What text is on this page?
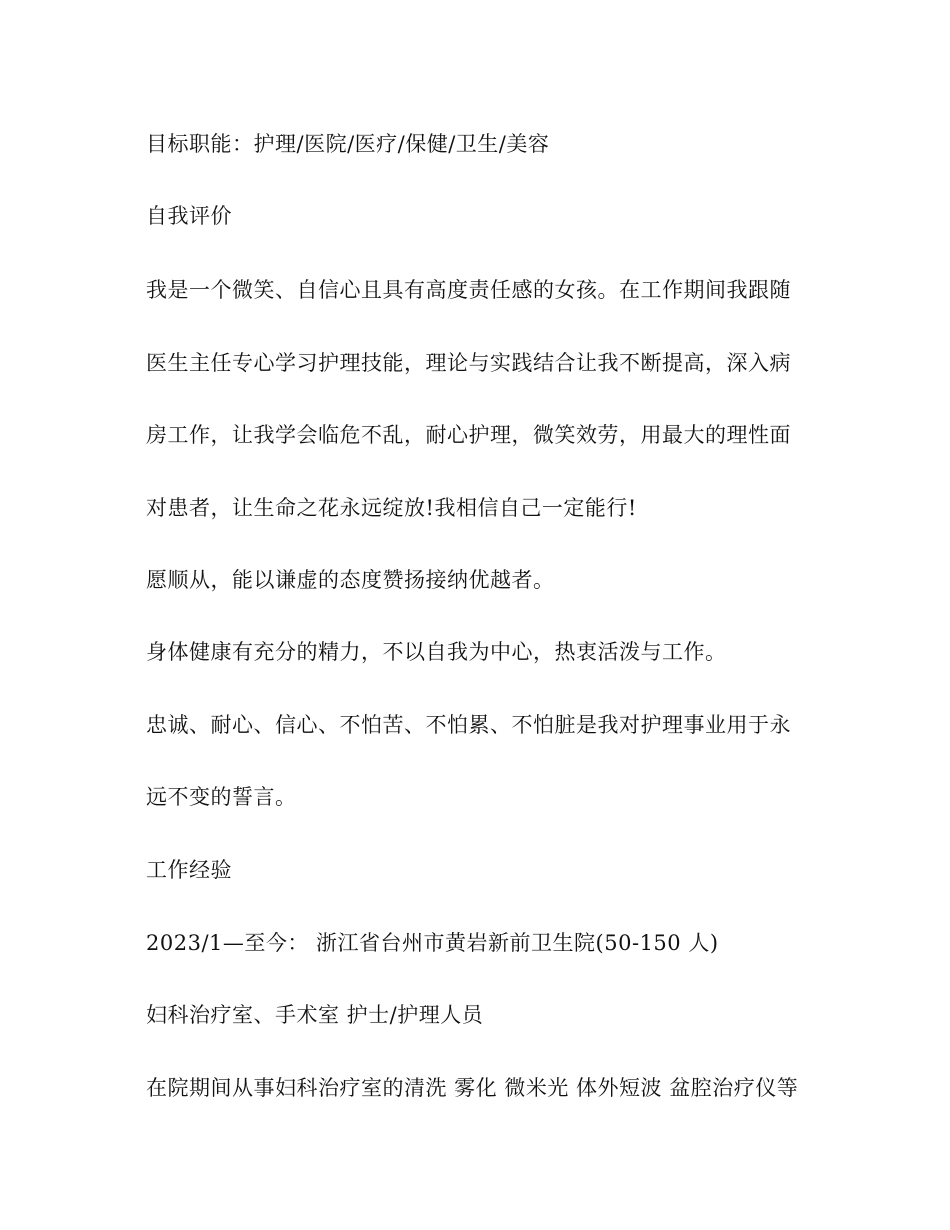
目标职能：护理/医院/医疗/保健/卫生/美容
自我评价
我是一个微笑、自信心且具有高度责任感的女孩。在工作期间我跟随
医生主任专心学习护理技能，理论与实践结合让我不断提高，深入病
房工作，让我学会临危不乱，耐心护理，微笑效劳，用最大的理性面
对患者，让生命之花永远绽放!我相信自己一定能行!
愿顺从，能以谦虚的态度赞扬接纳优越者。
身体健康有充分的精力，不以自我为中心，热衷活泼与工作。
忠诚、耐心、信心、不怕苦、不怕累、不怕脏是我对护理事业用于永
远不变的誓言。
工作经验
2023/1—至今： 浙江省台州市黄岩新前卫生院(50-150 人)
妇科治疗室、手术室 护士/护理人员
在院期间从事妇科治疗室的清洗 雾化 微米光 体外短波 盆腔治疗仪等
